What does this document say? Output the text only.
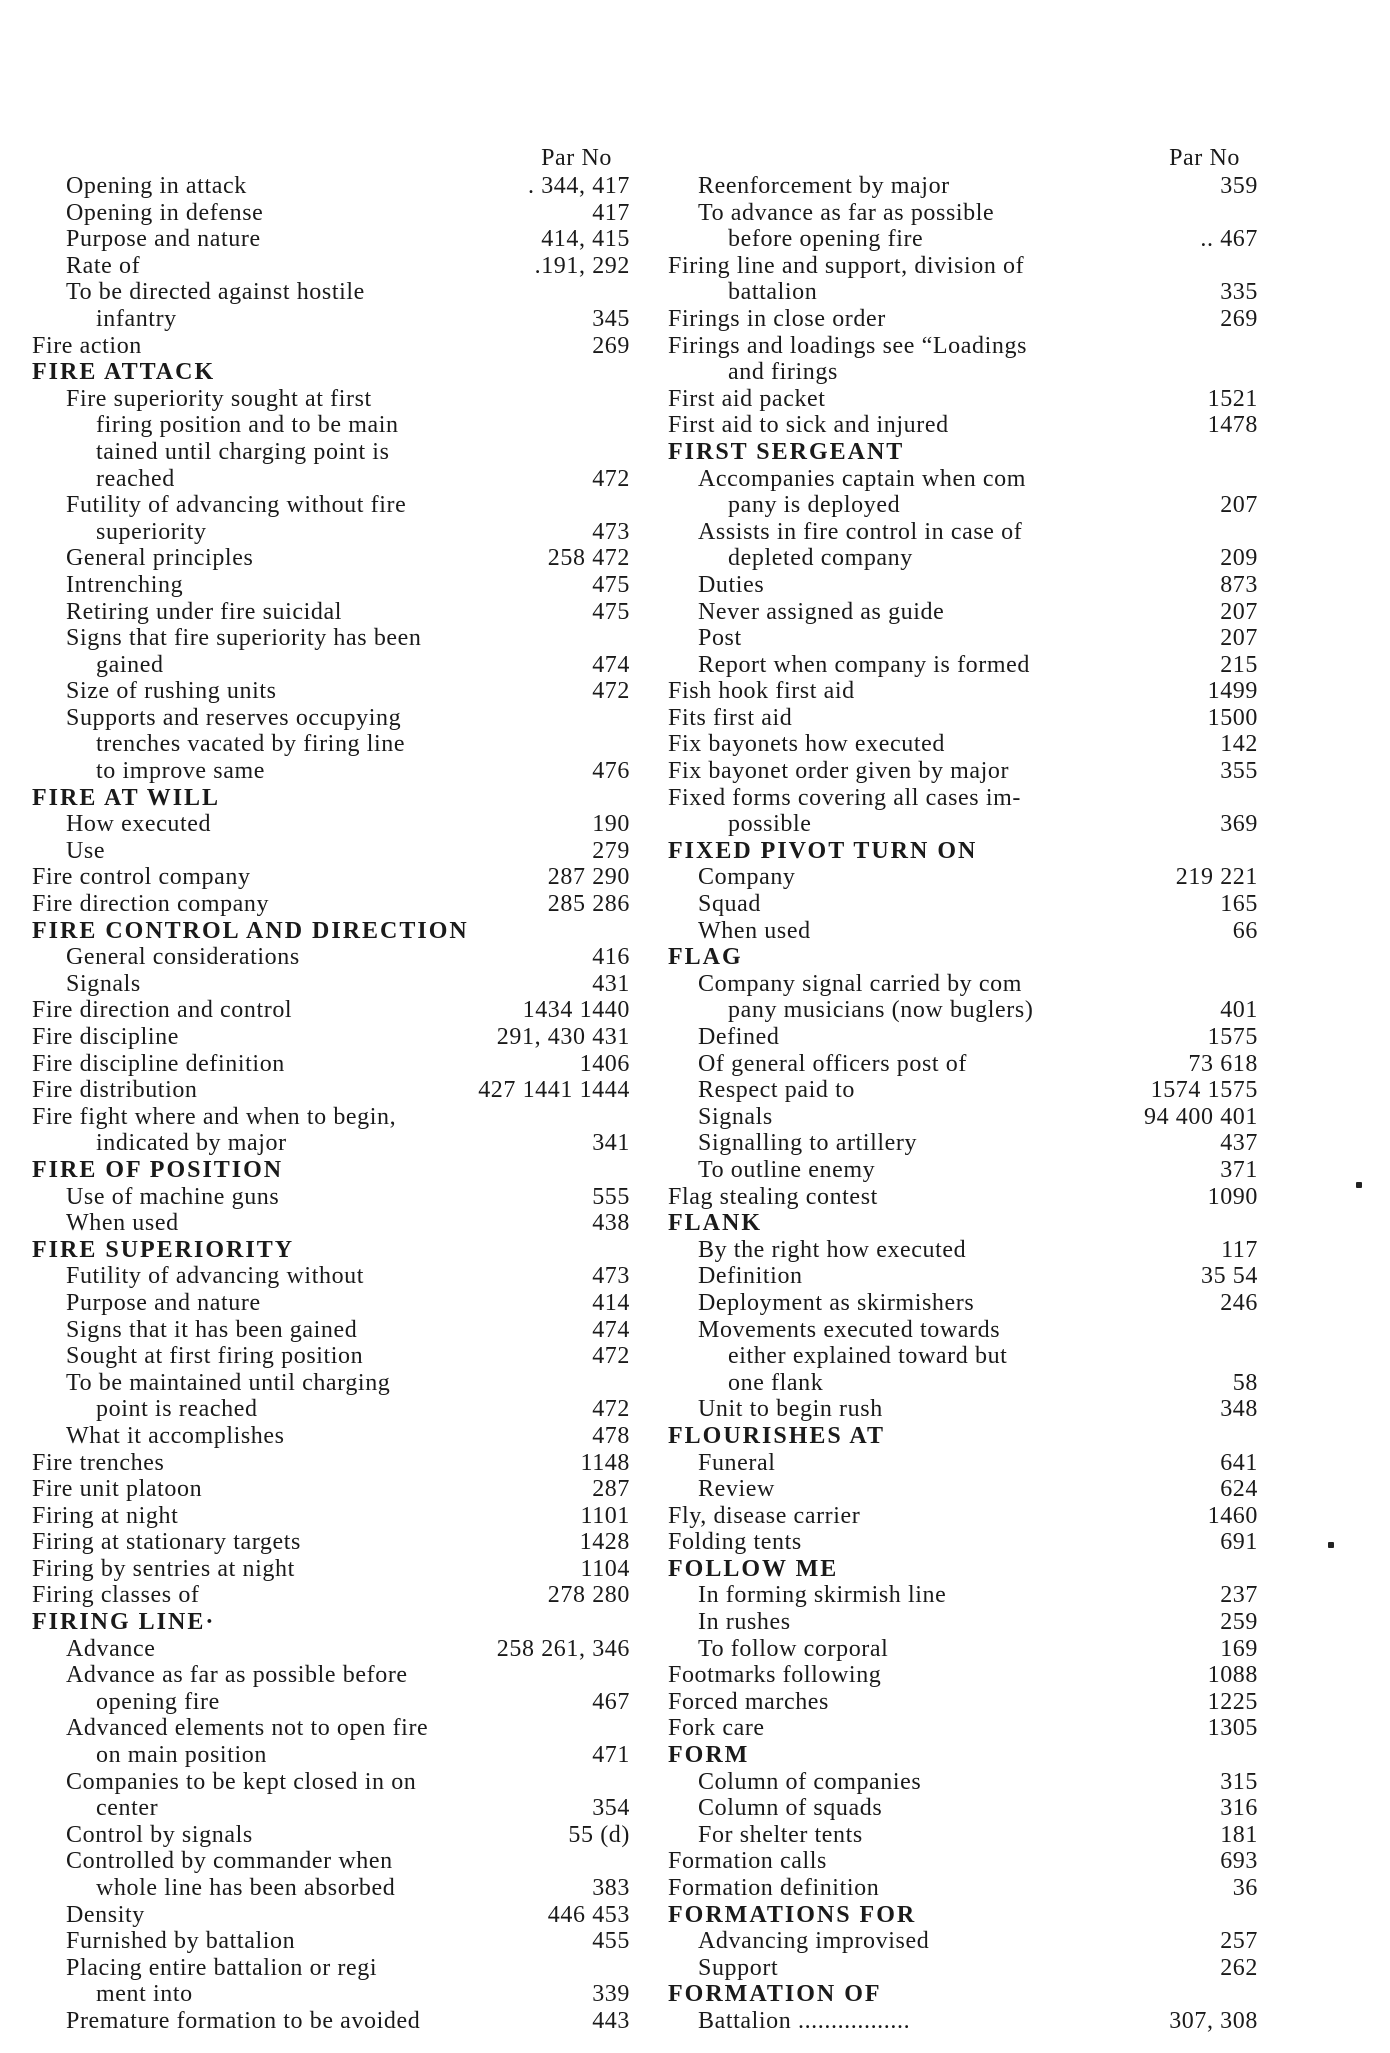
Par No
Opening in attack	. 344, 417
Opening in defense	417
Purpose and nature	414, 415
Rate of	.191, 292
To be directed against hostile
infantry	345
Fire action	269
FIRE ATTACK
Fire superiority sought at first
firing position and to be main
tained until charging point is
reached	472
Futility of advancing without fire
superiority	473
General principles	258 472
Intrenching	475
Retiring under fire suicidal	475
Signs that fire superiority has been
gained	474
Size of rushing units	472
Supports and reserves occupying
trenches vacated by firing line
to improve same	476
FIRE AT WILL
How executed	190
Use	279
Fire control company	287 290
Fire direction company	285 286
FIRE CONTROL AND DIRECTION
General considerations	416
Signals	431
Fire direction and control	1434 1440
Fire discipline	291, 430 431
Fire discipline definition	1406
Fire distribution	427 1441 1444
Fire fight where and when to begin,
indicated by major	341
FIRE OF POSITION
Use of machine guns	555
When used	438
FIRE SUPERIORITY
Futility of advancing without	473
Purpose and nature	414
Signs that it has been gained	474
Sought at first firing position	472
To be maintained until charging
point is reached	472
What it accomplishes	478
Fire trenches	1148
Fire unit platoon	287
Firing at night	1101
Firing at stationary targets	1428
Firing by sentries at night	1104
Firing classes of	278 280
FIRING LINE·
Advance	258 261, 346
Advance as far as possible before
opening fire	467
Advanced elements not to open fire
on main position	471
Companies to be kept closed in on
center	354
Control by signals	55 (d)
Controlled by commander when
whole line has been absorbed	383
Density	446 453
Furnished by battalion	455
Placing entire battalion or regi
ment into	339
Premature formation to be avoided	443
Par No
Reenforcement by major	359
To advance as far as possible
before opening fire	.. 467
Firing line and support, division of
battalion	335
Firings in close order	269
Firings and loadings see “Loadings
and firings
First aid packet	1521
First aid to sick and injured	1478
FIRST SERGEANT
Accompanies captain when com
pany is deployed	207
Assists in fire control in case of
depleted company	209
Duties	873
Never assigned as guide	207
Post	207
Report when company is formed	215
Fish hook first aid	1499
Fits first aid	1500
Fix bayonets how executed	142
Fix bayonet order given by major	355
Fixed forms covering all cases im-
possible	369
FIXED PIVOT TURN ON
Company	219 221
Squad	165
When used	66
FLAG
Company signal carried by com
pany musicians (now buglers)	401
Defined	1575
Of general officers post of	73 618
Respect paid to	1574 1575
Signals	94 400 401
Signalling to artillery	437
To outline enemy	371
Flag stealing contest	1090
FLANK
By the right how executed	117
Definition	35 54
Deployment as skirmishers	246
Movements executed towards
either explained toward but
one flank	58
Unit to begin rush	348
FLOURISHES AT
Funeral	641
Review	624
Fly, disease carrier	1460
Folding tents	691
FOLLOW ME
In forming skirmish line	237
In rushes	259
To follow corporal	169
Footmarks following	1088
Forced marches	1225
Fork care	1305
FORM
Column of companies	315
Column of squads	316
For shelter tents	181
Formation calls	693
Formation definition	36
FORMATIONS FOR
Advancing improvised	257
Support	262
FORMATION OF
Battalion .................	307, 308
